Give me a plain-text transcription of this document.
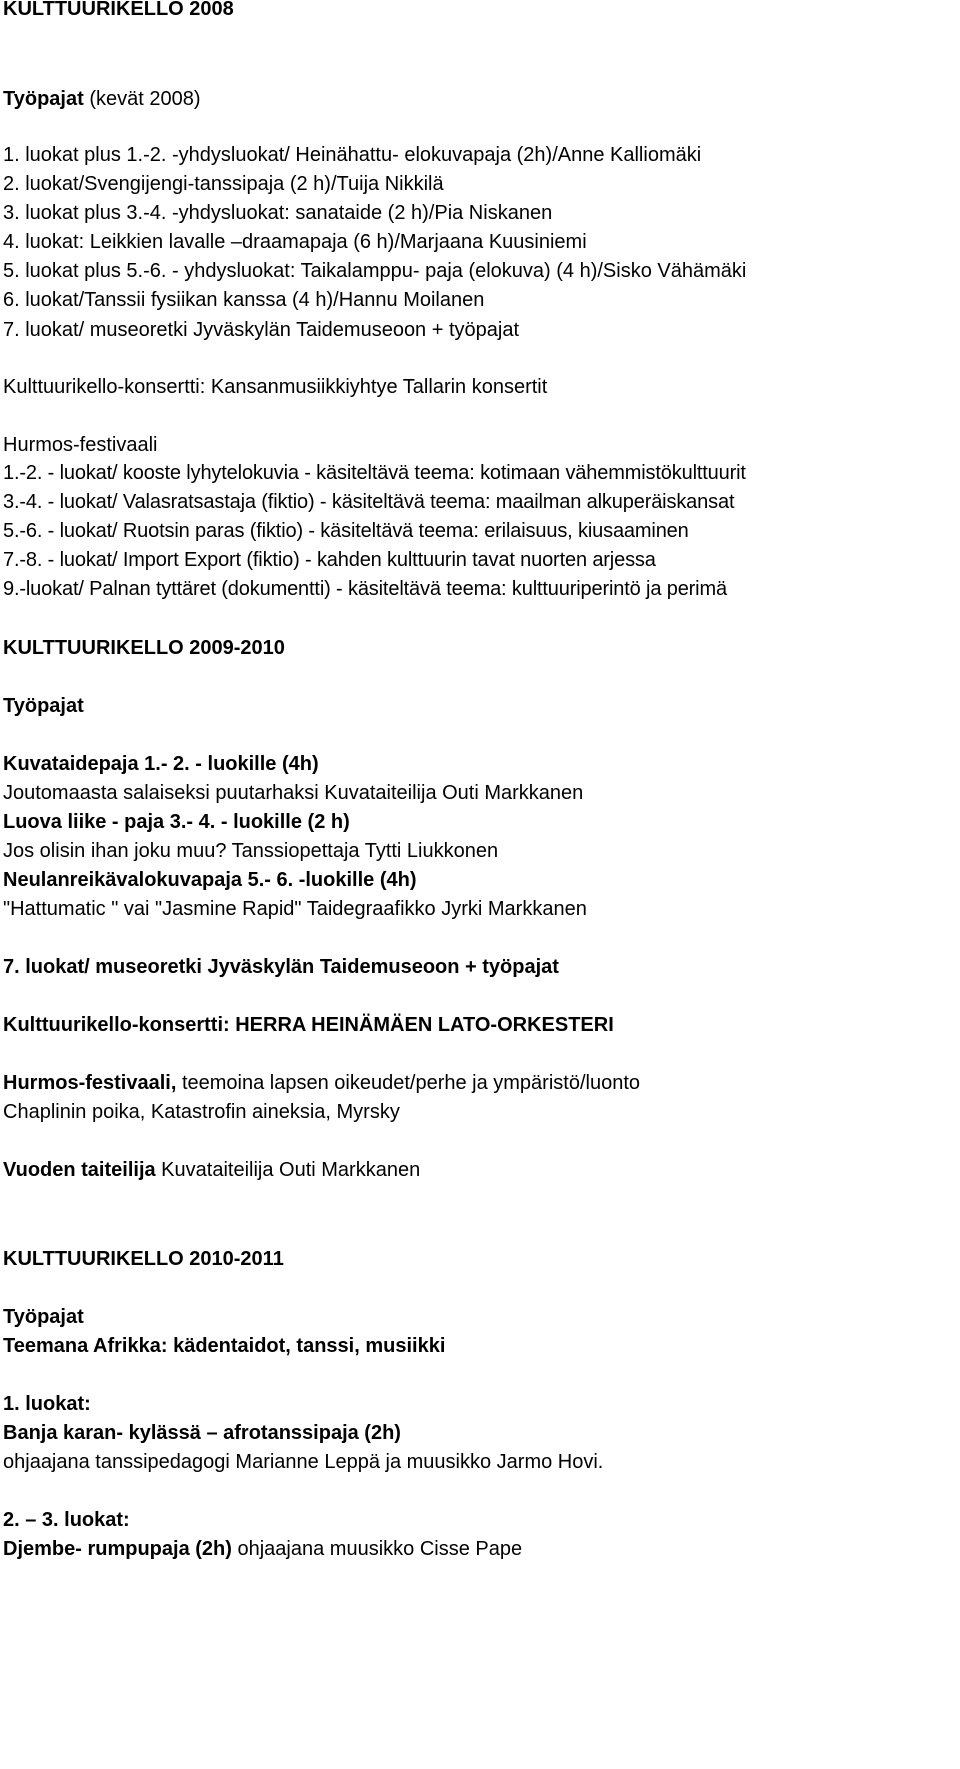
KULTTUURIKELLO 2008
Työpajat (kevät 2008)
1. luokat plus 1.-2. -yhdysluokat/ Heinähattu- elokuvapaja (2h)/Anne Kalliomäki
2. luokat/Svengijengi-tanssipaja (2 h)/Tuija Nikkilä
3. luokat plus 3.-4. -yhdysluokat: sanataide (2 h)/Pia Niskanen
4. luokat: Leikkien lavalle –draamapaja (6 h)/Marjaana Kuusiniemi
5. luokat plus 5.-6. - yhdysluokat: Taikalamppu- paja (elokuva) (4 h)/Sisko Vähämäki
6. luokat/Tanssii fysiikan kanssa (4 h)/Hannu Moilanen
7. luokat/ museoretki Jyväskylän Taidemuseoon + työpajat
Kulttuurikello-konsertti: Kansanmusiikkiyhtye Tallarin konsertit
Hurmos-festivaali
1.-2. - luokat/ kooste lyhytelokuvia - käsiteltävä teema: kotimaan vähemmistökulttuurit
3.-4. - luokat/ Valasratsastaja (fiktio) - käsiteltävä teema: maailman alkuperäiskansat
5.-6. - luokat/ Ruotsin paras (fiktio) - käsiteltävä teema: erilaisuus, kiusaaminen
7.-8. - luokat/ Import Export (fiktio) - kahden kulttuurin tavat nuorten arjessa
9.-luokat/ Palnan tyttäret (dokumentti) - käsiteltävä teema: kulttuuriperintö ja perimä
KULTTUURIKELLO 2009-2010
Työpajat
Kuvataidepaja 1.- 2. - luokille (4h)
Joutomaasta salaiseksi puutarhaksi Kuvataiteilija Outi Markkanen
Luova liike - paja 3.- 4. - luokille (2 h)
Jos olisin ihan joku muu? Tanssiopettaja Tytti Liukkonen
Neulanreikävalokuvapaja 5.- 6. -luokille (4h)
"Hattumatic " vai "Jasmine Rapid" Taidegraafikko Jyrki Markkanen
7. luokat/ museoretki Jyväskylän Taidemuseoon + työpajat
Kulttuurikello-konsertti: HERRA HEINÄMÄEN LATO-ORKESTERI
Hurmos-festivaali, teemoina lapsen oikeudet/perhe ja ympäristö/luonto
Chaplinin poika, Katastrofin aineksia, Myrsky
Vuoden taiteilija Kuvataiteilija Outi Markkanen
KULTTUURIKELLO 2010-2011
Työpajat
Teemana Afrikka: kädentaidot, tanssi, musiikki
1. luokat:
Banja karan- kylässä – afrotanssipaja (2h)
ohjaajana tanssipedagogi Marianne Leppä ja muusikko Jarmo Hovi.
2. – 3. luokat:
Djembe- rumpupaja (2h) ohjaajana muusikko Cisse Pape
